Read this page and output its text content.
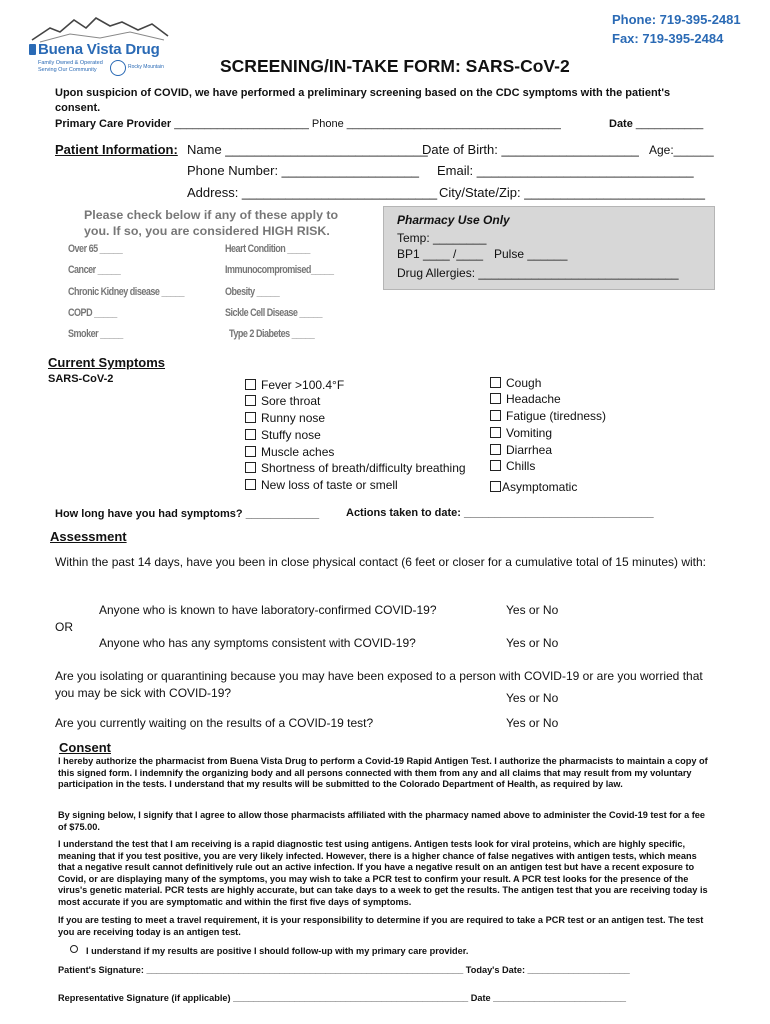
Buena Vista Drug
Family Owned & Operated
Serving Our Community	Rocky Mountain
Phone: 719-395-2481
Fax: 719-395-2484
SCREENING/IN-TAKE FORM: SARS-CoV-2
Upon suspicion of COVID, we have performed a preliminary screening based on the CDC symptoms with the patient's consent.
Primary Care Provider ______________________ Phone ___________________________________	Date ___________
Patient Information: Name ____________________________
Date of Birth: ___________________ Age:______
Phone Number: ___________________ Email: ______________________________
Address: ___________________________ City/State/Zip: _________________________
Please check below if any of these apply to you. If so, you are considered HIGH RISK.
Over 65 _____
Cancer _____
Chronic Kidney disease _____
COPD _____
Smoker _____
Heart Condition _____
Immunocompromised_____
Obesity _____
Sickle Cell Disease _____
Type 2 Diabetes _____
Pharmacy Use Only
Temp: ________
BP1 ____ /____ Pulse ______
Drug Allergies: ______________________________
Current Symptoms
SARS-CoV-2	Fever >100.4°F
Sore throat
Runny nose
Stuffy nose
Muscle aches
Shortness of breath/difficulty breathing
New loss of taste or smell
Cough
Headache
Fatigue (tiredness)
Vomiting
Diarrhea
Chills
Asymptomatic
How long have you had symptoms? ____________ Actions taken to date: _______________________________
Assessment
Within the past 14 days, have you been in close physical contact (6 feet or closer for a cumulative total of 15 minutes) with:
Anyone who is known to have laboratory-confirmed COVID-19?	Yes or No
OR
Anyone who has any symptoms consistent with COVID-19?	Yes or No
Are you isolating or quarantining because you may have been exposed to a person with COVID-19 or are you worried that you may be sick with COVID-19?	Yes or No
Are you currently waiting on the results of a COVID-19 test?	Yes or No
Consent
I hereby authorize the pharmacist from Buena Vista Drug to perform a Covid-19 Rapid Antigen Test. I authorize the pharmacists to maintain a copy of this signed form. I indemnify the organizing body and all persons connected with them from any and all claims that may result from my voluntary participation in the tests. I understand that my results will be submitted to the Colorado Department of Health, as required by law.
By signing below, I signify that I agree to allow those pharmacists affiliated with the pharmacy named above to administer the Covid-19 test for a fee of $75.00.
I understand the test that I am receiving is a rapid diagnostic test using antigens. Antigen tests look for viral proteins, which are highly specific, meaning that if you test positive, you are very likely infected. However, there is a higher chance of false negatives with antigen tests, which means that a negative result cannot definitively rule out an active infection. If you have a negative result on an antigen test but have a recent exposure to Covid, or are displaying many of the symptoms, you may wish to take a PCR test to confirm your result. A PCR test looks for the presence of the virus's genetic material. PCR tests are highly accurate, but can take days to a week to get the results. The antigen test that you are receiving today is most accurate if you are symptomatic and within the first five days of symptoms.
If you are testing to meet a travel requirement, it is your responsibility to determine if you are required to take a PCR test or an antigen test. The test you are receiving today is an antigen test.
I understand if my results are positive I should follow-up with my primary care provider.
Patient's Signature: ______________________________________________________________ Today's Date: ____________________
Representative Signature (if applicable) ______________________________________________ Date __________________________
